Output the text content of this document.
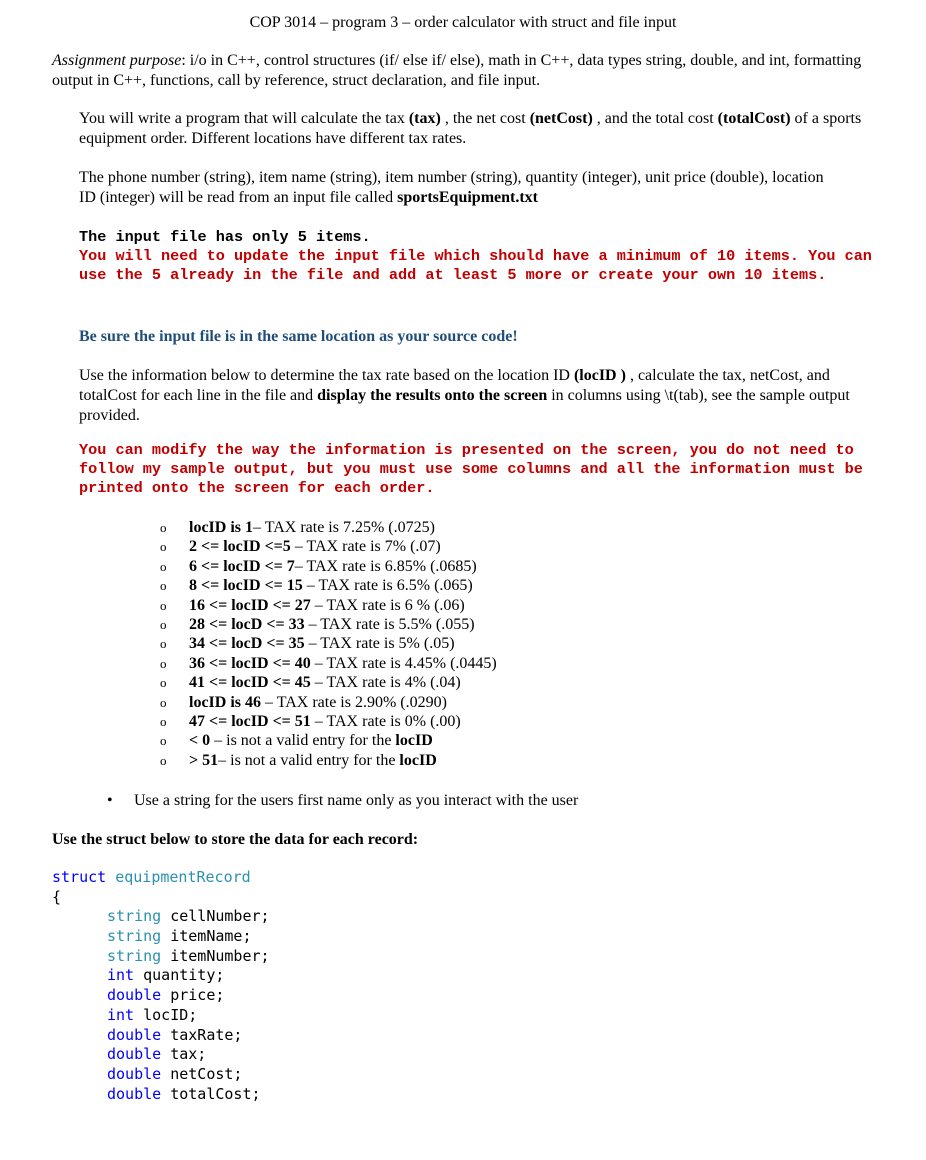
COP 3014 – program 3 – order calculator with struct and file input
Assignment purpose: i/o in C++, control structures (if/ else if/ else), math in C++, data types string, double, and int, formatting output in C++, functions, call by reference, struct declaration, and file input.
You will write a program that will calculate the tax (tax) , the net cost (netCost) , and the total cost (totalCost) of a sports equipment order. Different locations have different tax rates.
The phone number (string), item name (string), item number (string), quantity (integer), unit price (double), location ID (integer) will be read from an input file called sportsEquipment.txt
The input file has only 5 items.
You will need to update the input file which should have a minimum of 10 items. You can use the 5 already in the file and add at least 5 more or create your own 10 items.
Be sure the input file is in the same location as your source code!
Use the information below to determine the tax rate based on the location ID (locID ) , calculate the tax, netCost, and totalCost for each line in the file and display the results onto the screen in columns using \t(tab), see the sample output provided.
You can modify the way the information is presented on the screen, you do not need to follow my sample output, but you must use some columns and all the information must be printed onto the screen for each order.
o locID is 1– TAX rate is 7.25% (.0725)
o 2 <= locID <=5 – TAX rate is 7% (.07)
o 6 <= locID <= 7– TAX rate is 6.85% (.0685)
o 8 <= locID <= 15 – TAX rate is 6.5% (.065)
o 16 <= locID <= 27 – TAX rate is 6 % (.06)
o 28 <= locD <= 33 – TAX rate is 5.5% (.055)
o 34 <= locD <= 35 – TAX rate is 5% (.05)
o 36 <= locID <= 40 – TAX rate is 4.45% (.0445)
o 41 <= locID <= 45 – TAX rate is 4% (.04)
o locID is 46 – TAX rate is 2.90% (.0290)
o 47 <= locID <= 51 – TAX rate is 0% (.00)
o < 0 – is not a valid entry for the locID
o > 51– is not a valid entry for the locID
• Use a string for the users first name only as you interact with the user
Use the struct below to store the data for each record:
struct equipmentRecord
{
string cellNumber;
string itemName;
string itemNumber;
int quantity;
double price;
int locID;
double taxRate;
double tax;
double netCost;
double totalCost;
